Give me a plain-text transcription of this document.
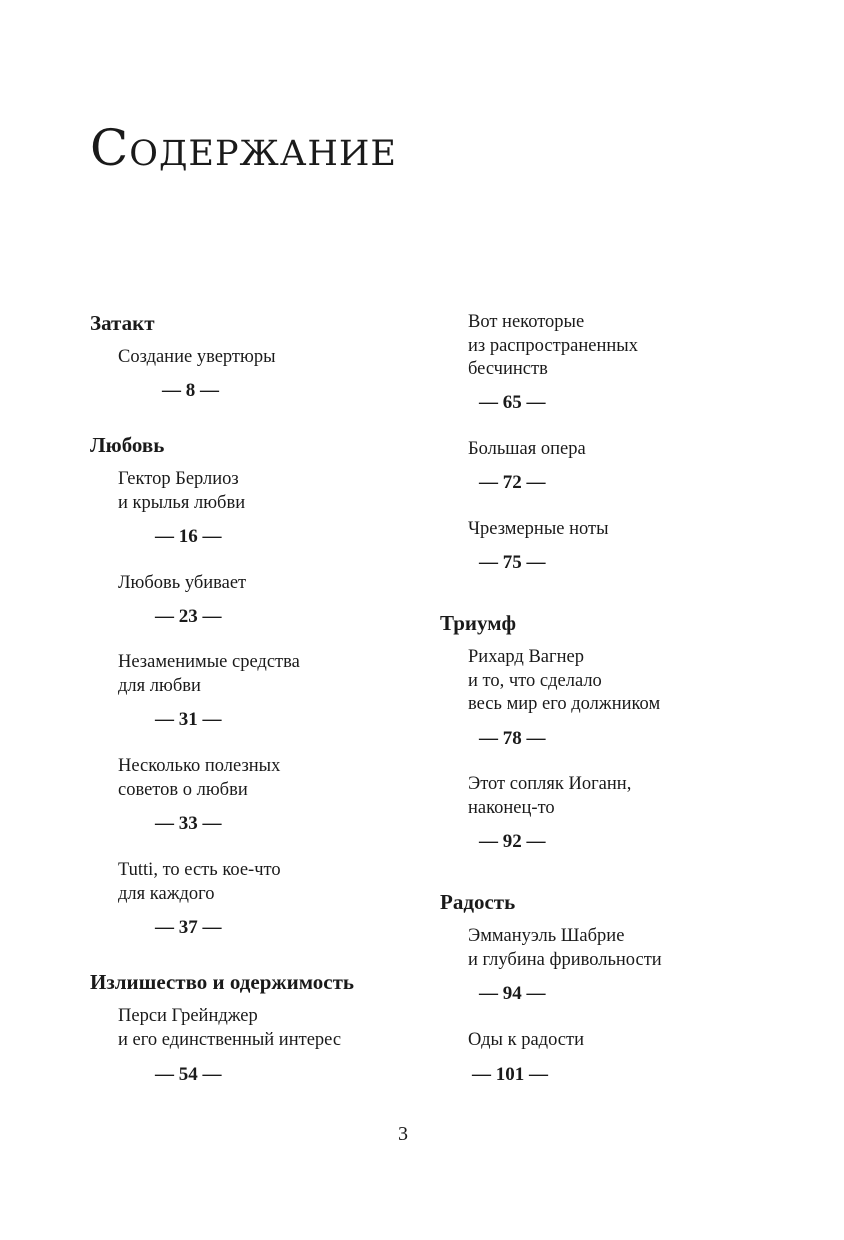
Содержание
Затакт
Создание увертюры
— 8 —
Любовь
Гектор Берлиоз
и крылья любви
— 16 —
Любовь убивает
— 23 —
Незаменимые средства
для любви
— 31 —
Несколько полезных
советов о любви
— 33 —
Tutti, то есть кое-что
для каждого
— 37 —
Излишество и одержимость
Перси Грейнджер
и его единственный интерес
— 54 —
Вот некоторые
из распространенных
бесчинств
— 65 —
Большая опера
— 72 —
Чрезмерные ноты
— 75 —
Триумф
Рихард Вагнер
и то, что сделало
весь мир его должником
— 78 —
Этот сопляк Иоганн,
наконец-то
— 92 —
Радость
Эммануэль Шабрие
и глубина фривольности
— 94 —
Оды к радости
— 101 —
3
